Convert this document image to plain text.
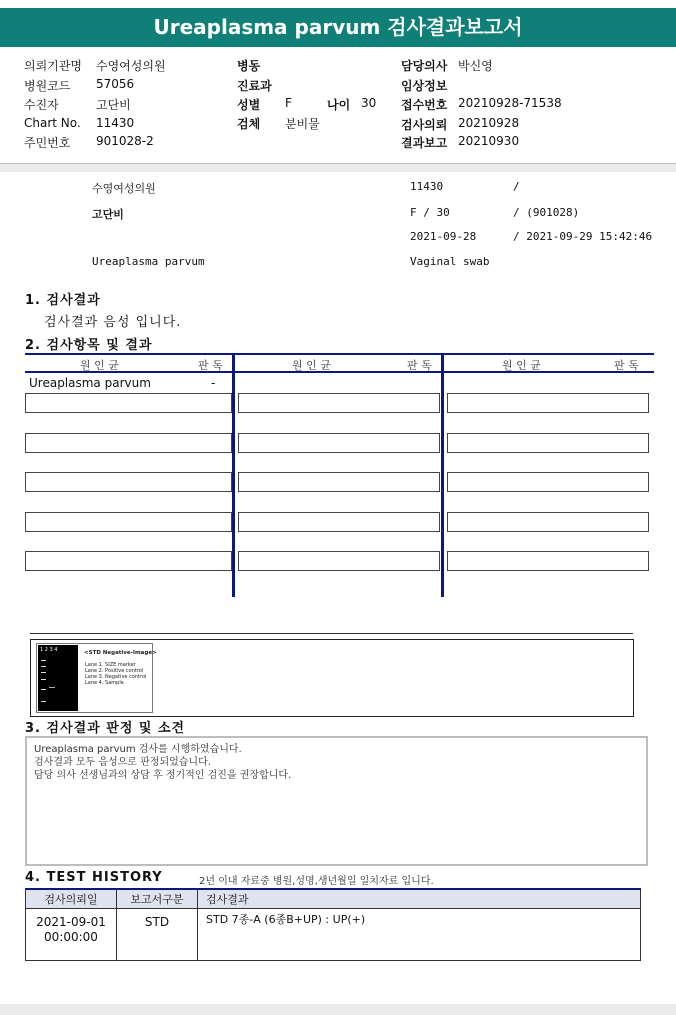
Ureaplasma parvum 검사결과보고서
의뢰기관명 수영여성의원
병원코드 57056
수진자	고단비
Chart No. 11430
주민번호 901028-2
병동
진료과
성별 F	나이 30
검체 분비물
담당의사 박신영
임상정보
접수번호 20210928-71538
검사의뢰 20210928
결과보고 20210930
수영여성의원	11430	/
고단비	F / 30	/ (901028)
2021-09-28	/ 2021-09-29 15:42:46
Ureaplasma parvum	Vaginal swab
1. 검사결과
검사결과 음성 입니다.
2. 검사항목 및 결과
원 인 균	판 독	원 인 균	판 독	원 인 균	판 독
Ureaplasma parvum	-
1 2 3 4	<STD Negative-Image>
Lane 1. SIZE marker
Lane 2. Positive control
Lane 3. Negative control
Lane 4. Sample
3. 검사결과 판정 및 소견
Ureaplasma parvum 검사를 시행하였습니다.
검사결과 모두 음성으로 판정되었습니다.
담당 의사 선생님과의 상담 후 정기적인 검진을 권장합니다.
4. TEST HISTORY	2년 이내 자료중 병원,성명,생년월일 일치자료 입니다.
검사의뢰일	보고서구분	검사결과

2021-09-01
00:00:00	STD	STD 7종-A (6종B+UP) : UP(+)
